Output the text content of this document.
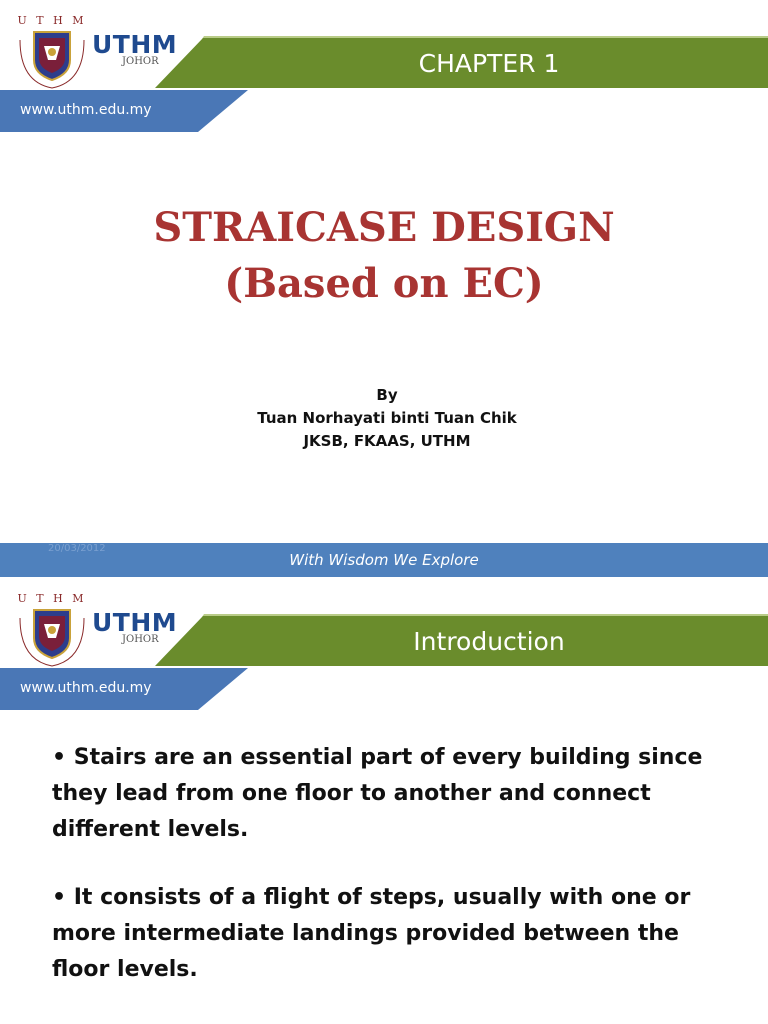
U T H M
UTHM
JOHOR	CHAPTER 1
www.uthm.edu.my
STRAICASE DESIGN
(Based on EC)
By
Tuan Norhayati binti Tuan Chik
JKSB, FKAAS, UTHM
With Wisdom We Explore
20/03/2012
U T H M
UTHM
JOHOR	Introduction
www.uthm.edu.my

• Stairs are an essential part of every building since they lead from one floor to another and connect different levels.

• It consists of a flight of steps, usually with one or more intermediate landings provided between the floor levels.
